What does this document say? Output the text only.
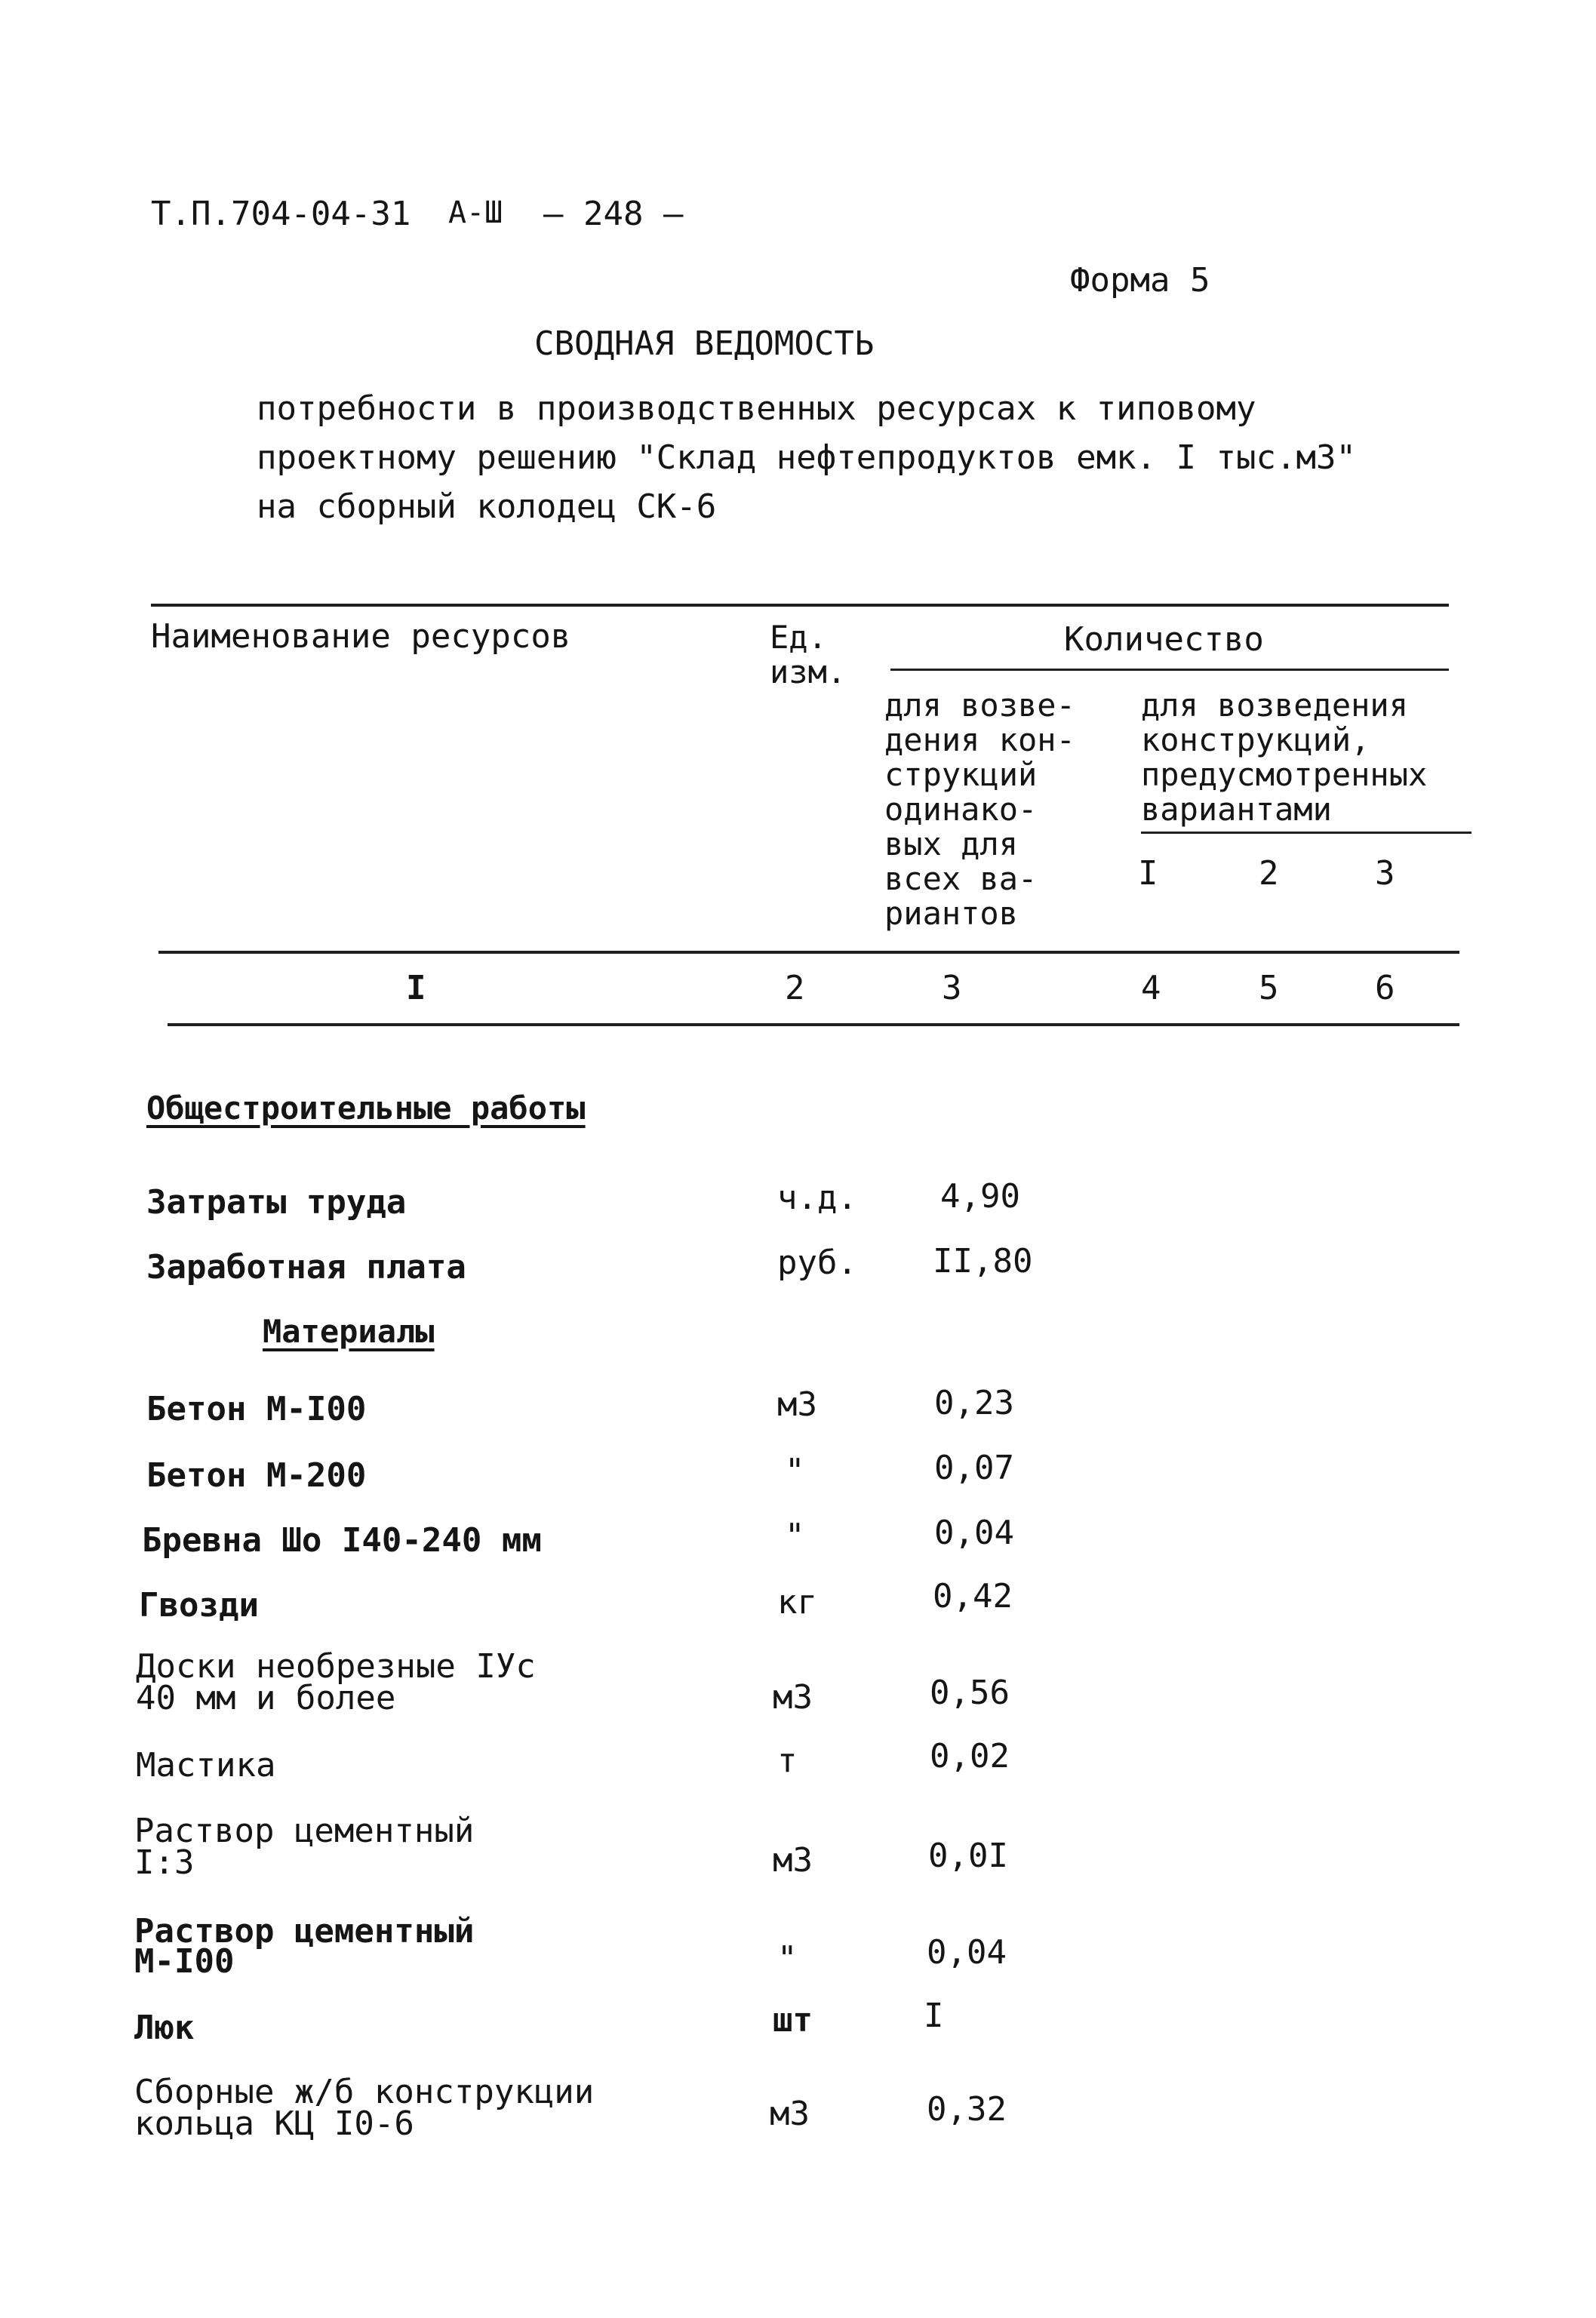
Т.П.704-04-31 А-Ш — 248 —
Форма 5
СВОДНАЯ ВЕДОМОСТЬ
потребности в производственных ресурсах к типовому
проектному решению "Склад нефтепродуктов емк. I тыс.м3"
на сборный колодец СК-6
Наименование ресурсов	Ед.
изм.
Количество
для возве-
дения кон-
струкций
одинако-
вых для
всех ва-
риантов
для возведения
конструкций,
предусмотренных
вариантами
I	2	3
I	2	3	4	5	6
Общестроительные работы
Материалы
Затраты труда	ч.д.	4,90
Заработная плата	руб. II,80
Бетон М-I00	м3	0,23
Бетон М-200	"	0,07
Бревна Шо I40-240 мм	"	0,04
Гвозди	кг	0,42
Доски необрезные IУс
40 мм и более	м3	0,56
Мастика	т	0,02
Раствор цементный
I:3	м3	0,0I
Раствор цементный
М-I00	"	0,04
Люк	шт	I
Сборные ж/б конструкции
кольца КЦ I0-6	м3	0,32
